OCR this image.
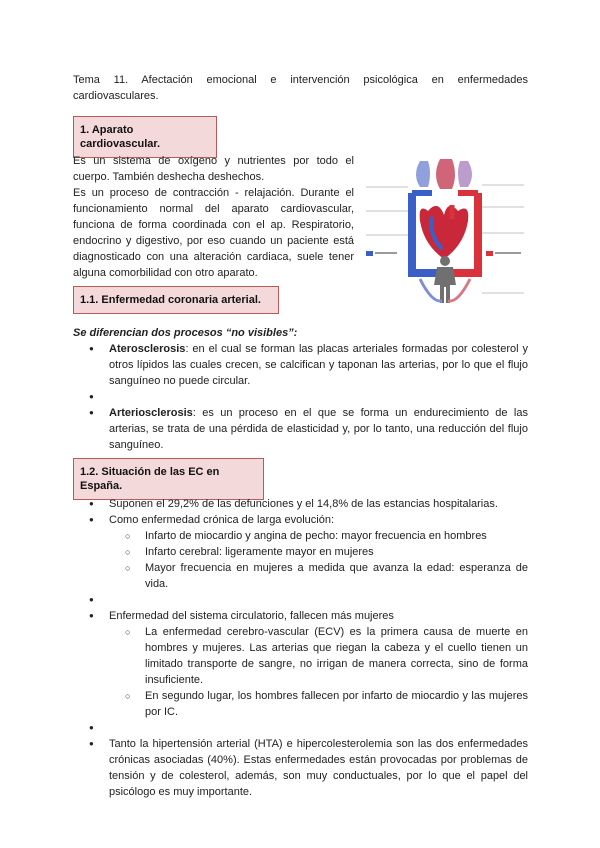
Tema 11. Afectación emocional e intervención psicológica en enfermedades cardiovasculares.
1. Aparato cardiovascular.

Es un sistema de oxígeno y nutrientes por todo el cuerpo. También deshecha deshechos.

Es un proceso de contracción - relajación. Durante el funcionamiento normal del aparato cardiovascular, funciona de forma coordinada con el ap. Respiratorio, endocrino y digestivo, por eso cuando un paciente está diagnosticado con una alteración cardiaca, suele tener alguna comorbilidad con otro aparato.

1.1. Enfermedad coronaria arterial.
Se diferencian dos procesos “no visibles”:
● Aterosclerosis: en el cual se forman las placas arteriales formadas por colesterol y otros lípidos las cuales crecen, se calcifican y taponan las arterias, por lo que el flujo sanguíneo no puede circular.
●
● Arteriosclerosis: es un proceso en el que se forma un endurecimiento de las arterias, se trata de una pérdida de elasticidad y, por lo tanto, una reducción del flujo sanguíneo.
1.2. Situación de las EC en España.
● Suponen el 29,2% de las defunciones y el 14,8% de las estancias hospitalarias.
● Como enfermedad crónica de larga evolución:
○ Infarto de miocardio y angina de pecho: mayor frecuencia en hombres
○ Infarto cerebral: ligeramente mayor en mujeres
○ Mayor frecuencia en mujeres a medida que avanza la edad: esperanza de vida.
●
● Enfermedad del sistema circulatorio, fallecen más mujeres
○ La enfermedad cerebro-vascular (ECV) es la primera causa de muerte en hombres y mujeres. Las arterias que riegan la cabeza y el cuello tienen un limitado transporte de sangre, no irrigan de manera correcta, sino de forma insuficiente.
○ En segundo lugar, los hombres fallecen por infarto de miocardio y las mujeres por IC.
●
● Tanto la hipertensión arterial (HTA) e hipercolesterolemia son las dos enfermedades crónicas asociadas (40%). Estas enfermedades están provocadas por problemas de tensión y de colesterol, además, son muy conductuales, por lo que el papel del psicólogo es muy importante.
